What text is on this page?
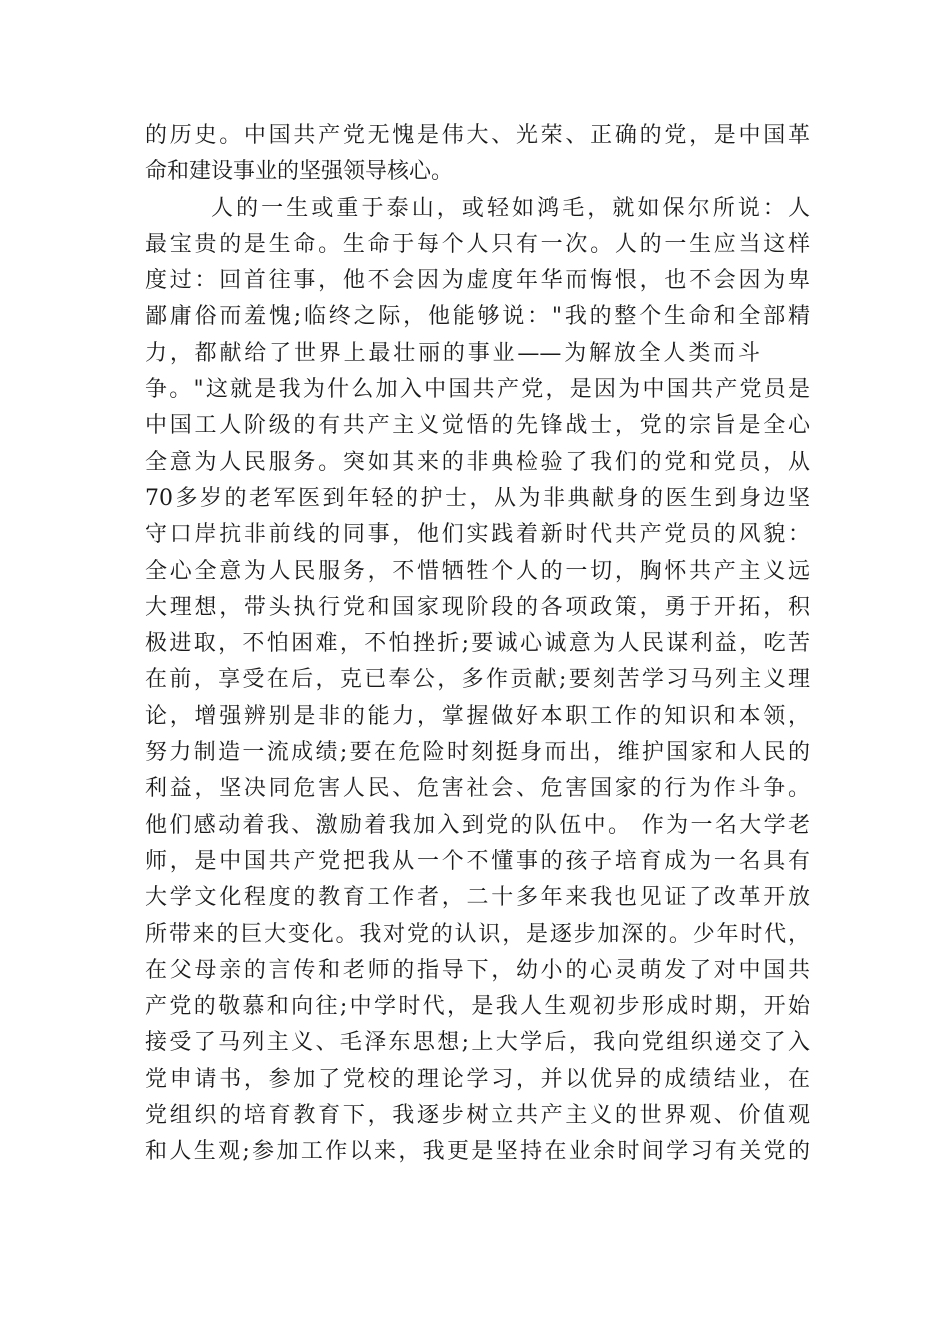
的历史。中国共产党无愧是伟大、光荣、正确的党，是中国革
命和建设事业的坚强领导核心。
人的一生或重于泰山，或轻如鸿毛，就如保尔所说：人
最宝贵的是生命。生命于每个人只有一次。人的一生应当这样
度过：回首往事，他不会因为虚度年华而悔恨，也不会因为卑
鄙庸俗而羞愧;临终之际，他能够说："我的整个生命和全部精
力，都献给了世界上最壮丽的事业——为解放全人类而斗
争。"这就是我为什么加入中国共产党，是因为中国共产党员是
中国工人阶级的有共产主义觉悟的先锋战士，党的宗旨是全心
全意为人民服务。突如其来的非典检验了我们的党和党员，从
70多岁的老军医到年轻的护士，从为非典献身的医生到身边坚
守口岸抗非前线的同事，他们实践着新时代共产党员的风貌：
全心全意为人民服务，不惜牺牲个人的一切，胸怀共产主义远
大理想，带头执行党和国家现阶段的各项政策，勇于开拓，积
极进取，不怕困难，不怕挫折;要诚心诚意为人民谋利益，吃苦
在前，享受在后，克已奉公，多作贡献;要刻苦学习马列主义理
论，增强辨别是非的能力，掌握做好本职工作的知识和本领，
努力制造一流成绩;要在危险时刻挺身而出，维护国家和人民的
利益，坚决同危害人民、危害社会、危害国家的行为作斗争。
他们感动着我、激励着我加入到党的队伍中。 作为一名大学老
师，是中国共产党把我从一个不懂事的孩子培育成为一名具有
大学文化程度的教育工作者，二十多年来我也见证了改革开放
所带来的巨大变化。我对党的认识，是逐步加深的。少年时代，
在父母亲的言传和老师的指导下，幼小的心灵萌发了对中国共
产党的敬慕和向往;中学时代，是我人生观初步形成时期，开始
接受了马列主义、毛泽东思想;上大学后，我向党组织递交了入
党申请书，参加了党校的理论学习，并以优异的成绩结业，在
党组织的培育教育下，我逐步树立共产主义的世界观、价值观
和人生观;参加工作以来，我更是坚持在业余时间学习有关党的
